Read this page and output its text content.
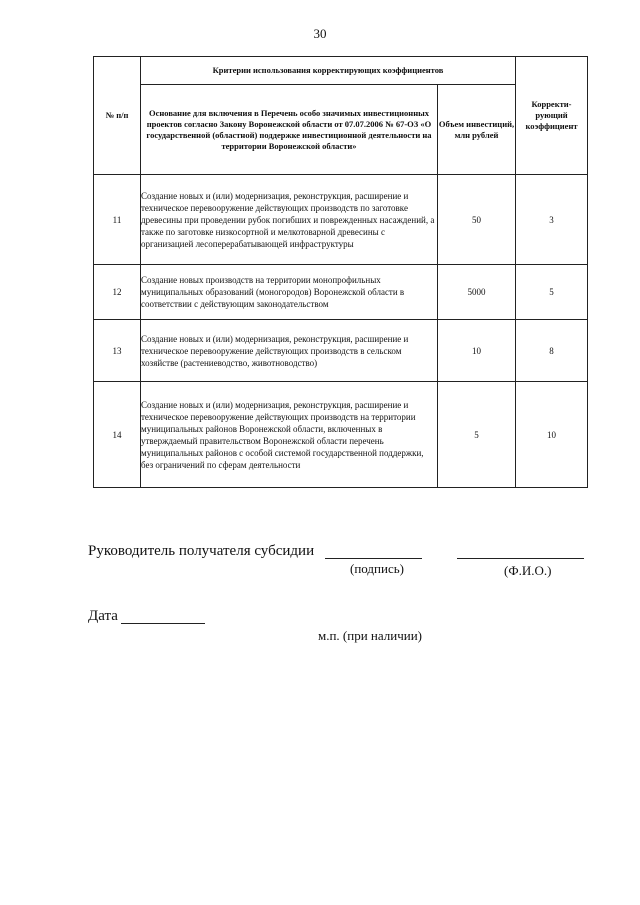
30
№ п/п	Критерии использования корректирующих коэффициентов		Корректи-рующий коэффициент
	Основание для включения в Перечень особо значимых инвестиционных проектов согласно Закону Воронежской области от 07.07.2006 № 67-ОЗ «О государственной (областной) поддержке инвестиционной деятельности на территории Воронежской области»	Объем инвестиций, млн рублей	
11	Создание новых и (или) модернизация, реконструкция, расширение и техническое перевооружение действующих производств по заготовке древесины при проведении рубок погибших и поврежденных насаждений, а также по заготовке низкосортной и мелкотоварной древесины с организацией лесоперерабатывающей инфраструктуры	50	3
12	Создание новых производств на территории монопрофильных муниципальных образований (моногородов) Воронежской области в соответствии с действующим законодательством	5000	5
13	Создание новых и (или) модернизация, реконструкция, расширение и техническое перевооружение действующих производств в сельском хозяйстве (растениеводство, животноводство)	10	8
14	Создание новых и (или) модернизация, реконструкция, расширение и техническое перевооружение действующих производств на территории муниципальных районов Воронежской области, включенных в утверждаемый правительством Воронежской области перечень муниципальных районов с особой системой государственной поддержки, без ограничений по сферам деятельности	5	10
Руководитель получателя субсидии
(подпись)	(Ф.И.О.)
Дата
м.п. (при наличии)
